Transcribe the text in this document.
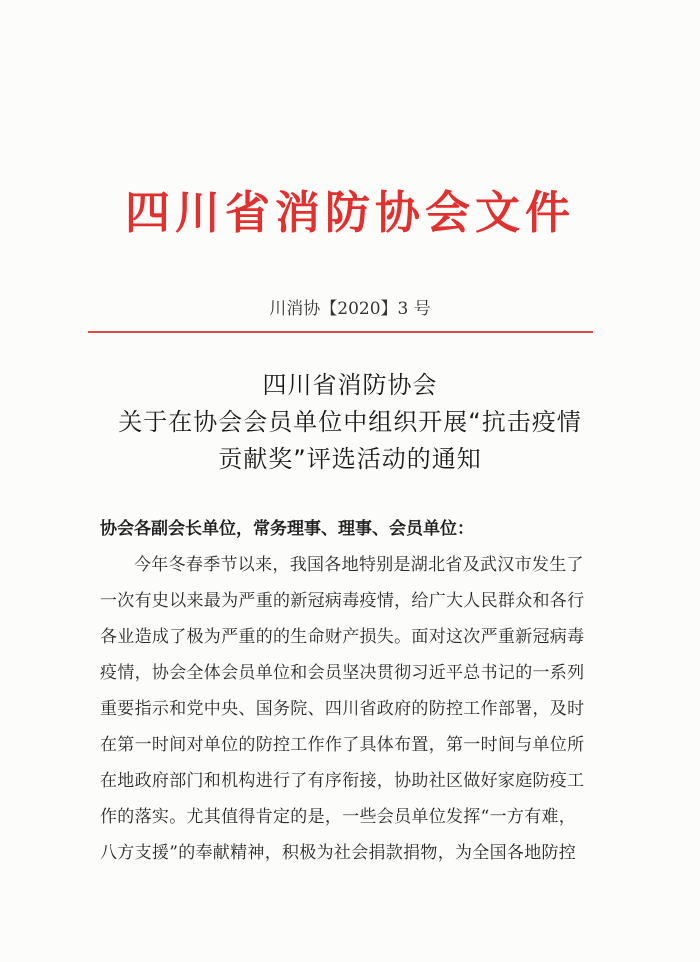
四川省消防协会文件
川消协【2020】3 号
四川省消防协会
关于在协会会员单位中组织开展“抗击疫情
贡献奖”评选活动的通知
协会各副会长单位，常务理事、理事、会员单位：
今年冬春季节以来，我国各地特别是湖北省及武汉市发生了
一次有史以来最为严重的新冠病毒疫情，给广大人民群众和各行
各业造成了极为严重的的生命财产损失。面对这次严重新冠病毒
疫情，协会全体会员单位和会员坚决贯彻习近平总书记的一系列
重要指示和党中央、国务院、四川省政府的防控工作部署，及时
在第一时间对单位的防控工作作了具体布置，第一时间与单位所
在地政府部门和机构进行了有序衔接，协助社区做好家庭防疫工
作的落实。尤其值得肯定的是，一些会员单位发挥“一方有难，
八方支援”的奉献精神，积极为社会捐款捐物，为全国各地防控
